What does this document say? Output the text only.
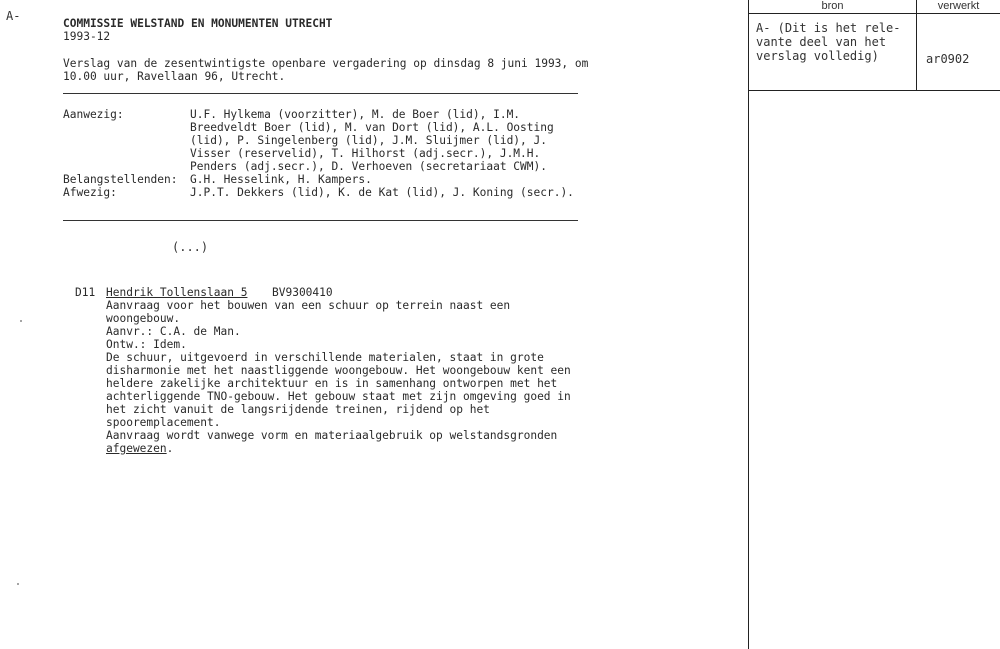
A-
COMMISSIE WELSTAND EN MONUMENTEN UTRECHT
1993-12
Verslag van de zesentwintigste openbare vergadering op dinsdag 8 juni 1993, om
10.00 uur, Ravellaan 96, Utrecht.
Aanwezig:	U.F. Hylkema (voorzitter), M. de Boer (lid), I.M.
Breedveldt Boer (lid), M. van Dort (lid), A.L. Oosting
(lid), P. Singelenberg (lid), J.M. Sluijmer (lid), J.
Visser (reservelid), T. Hilhorst (adj.secr.), J.M.H.
Penders (adj.secr.), D. Verhoeven (secretariaat CWM).
Belangstellenden: G.H. Hesselink, H. Kampers.
Afwezig:	J.P.T. Dekkers (lid), K. de Kat (lid), J. Koning (secr.).
(...)
D11 Hendrik Tollenslaan 5 BV9300410
Aanvraag voor het bouwen van een schuur op terrein naast een
woongebouw.
Aanvr.: C.A. de Man.
Ontw.: Idem.
De schuur, uitgevoerd in verschillende materialen, staat in grote
disharmonie met het naastliggende woongebouw. Het woongebouw kent een
heldere zakelijke architektuur en is in samenhang ontworpen met het
achterliggende TNO-gebouw. Het gebouw staat met zijn omgeving goed in
het zicht vanuit de langsrijdende treinen, rijdend op het
spooremplacement.
Aanvraag wordt vanwege vorm en materiaalgebruik op welstandsgronden
afgewezen.
bron	verwerkt
A- (Dit is het rele-
vante deel van het
verslag volledig)	ar0902
